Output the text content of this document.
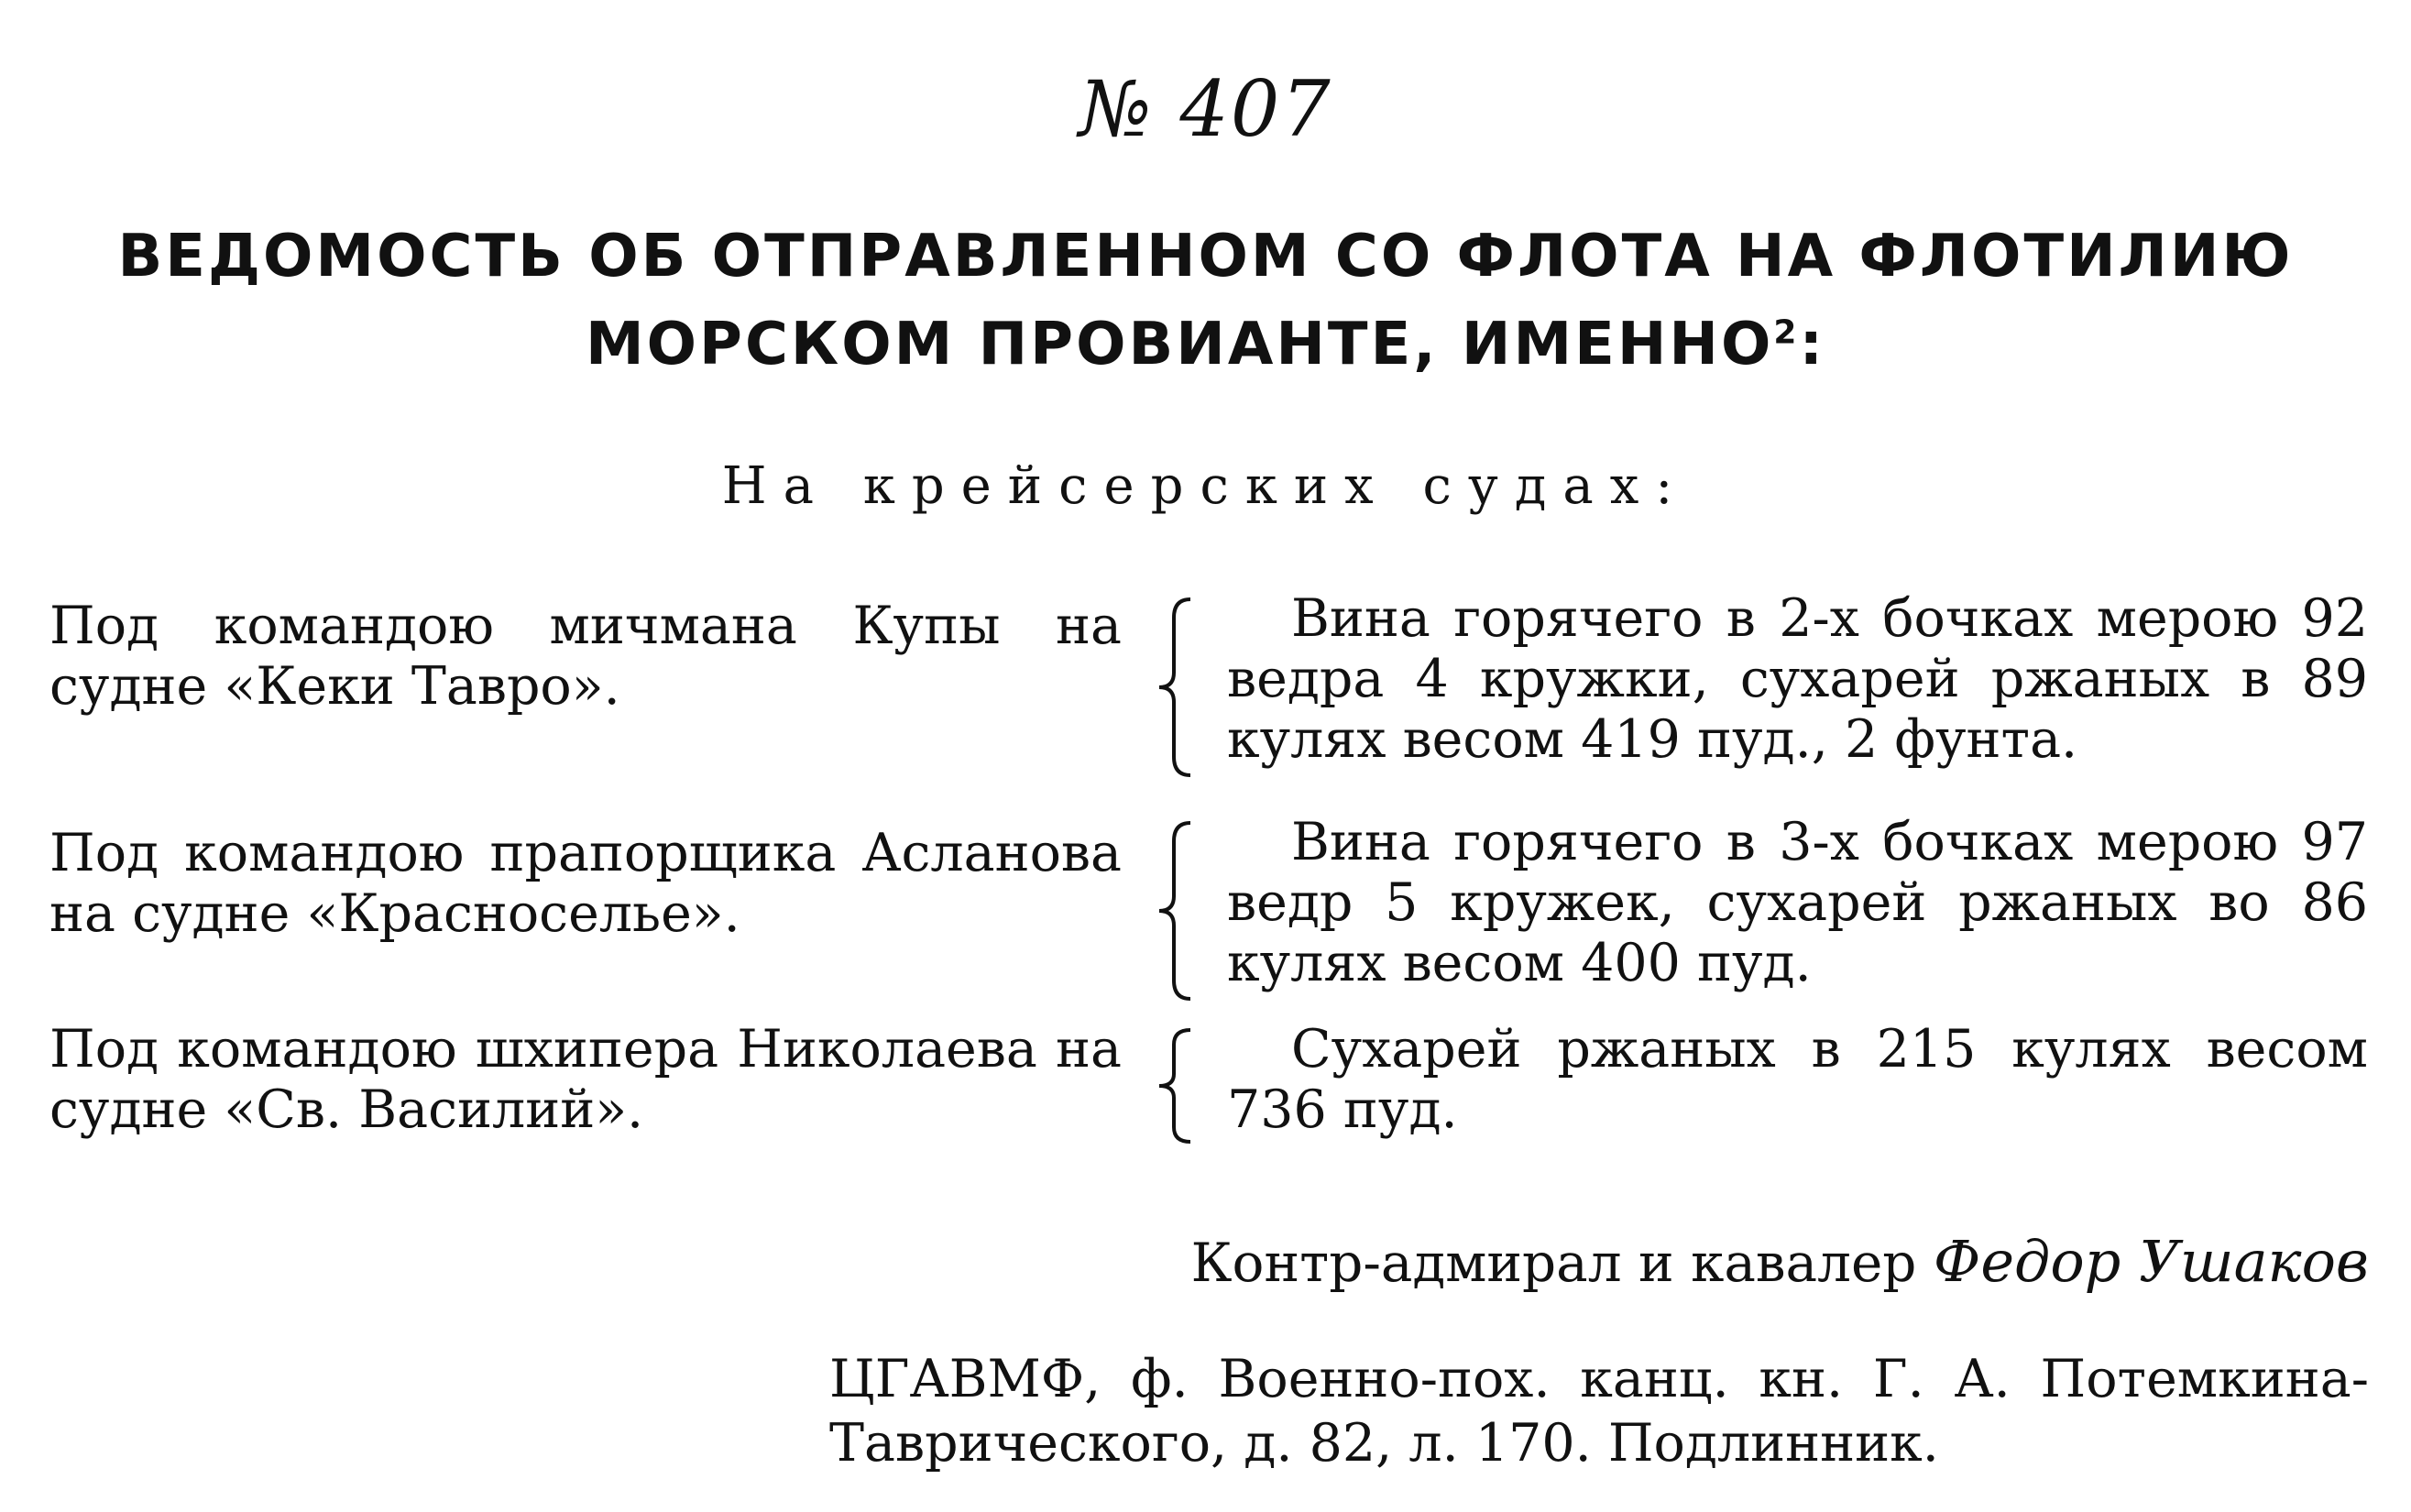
№ 407
ВЕДОМОСТЬ ОБ ОТПРАВЛЕННОМ СО ФЛОТА НА ФЛОТИЛИЮ
МОРСКОМ ПРОВИАНТЕ, ИМЕННО$^2$:
На крейсерских судах:
Под командою мичмана Купы на судне «Кеки Тавро».
Вина горячего в 2-х бочках мерою 92 ведра 4 кружки, сухарей ржаных в 89 кулях весом 419 пуд., 2 фунта.
Под командою прапорщика Асланова на судне «Красноселье».
Вина горячего в 3-х бочках мерою 97 ведр 5 кружек, сухарей ржаных во 86 кулях весом 400 пуд.
Под командою шхипера Николаева на судне «Св. Василий».
Сухарей ржаных в 215 кулях весом 736 пуд.
Контр-адмирал и кавалер Федор Ушаков
ЦГАВМФ, ф. Военно-пох. канц. кн. Г. А. Потемкина-Таврического, д. 82, л. 170. Подлинник.
